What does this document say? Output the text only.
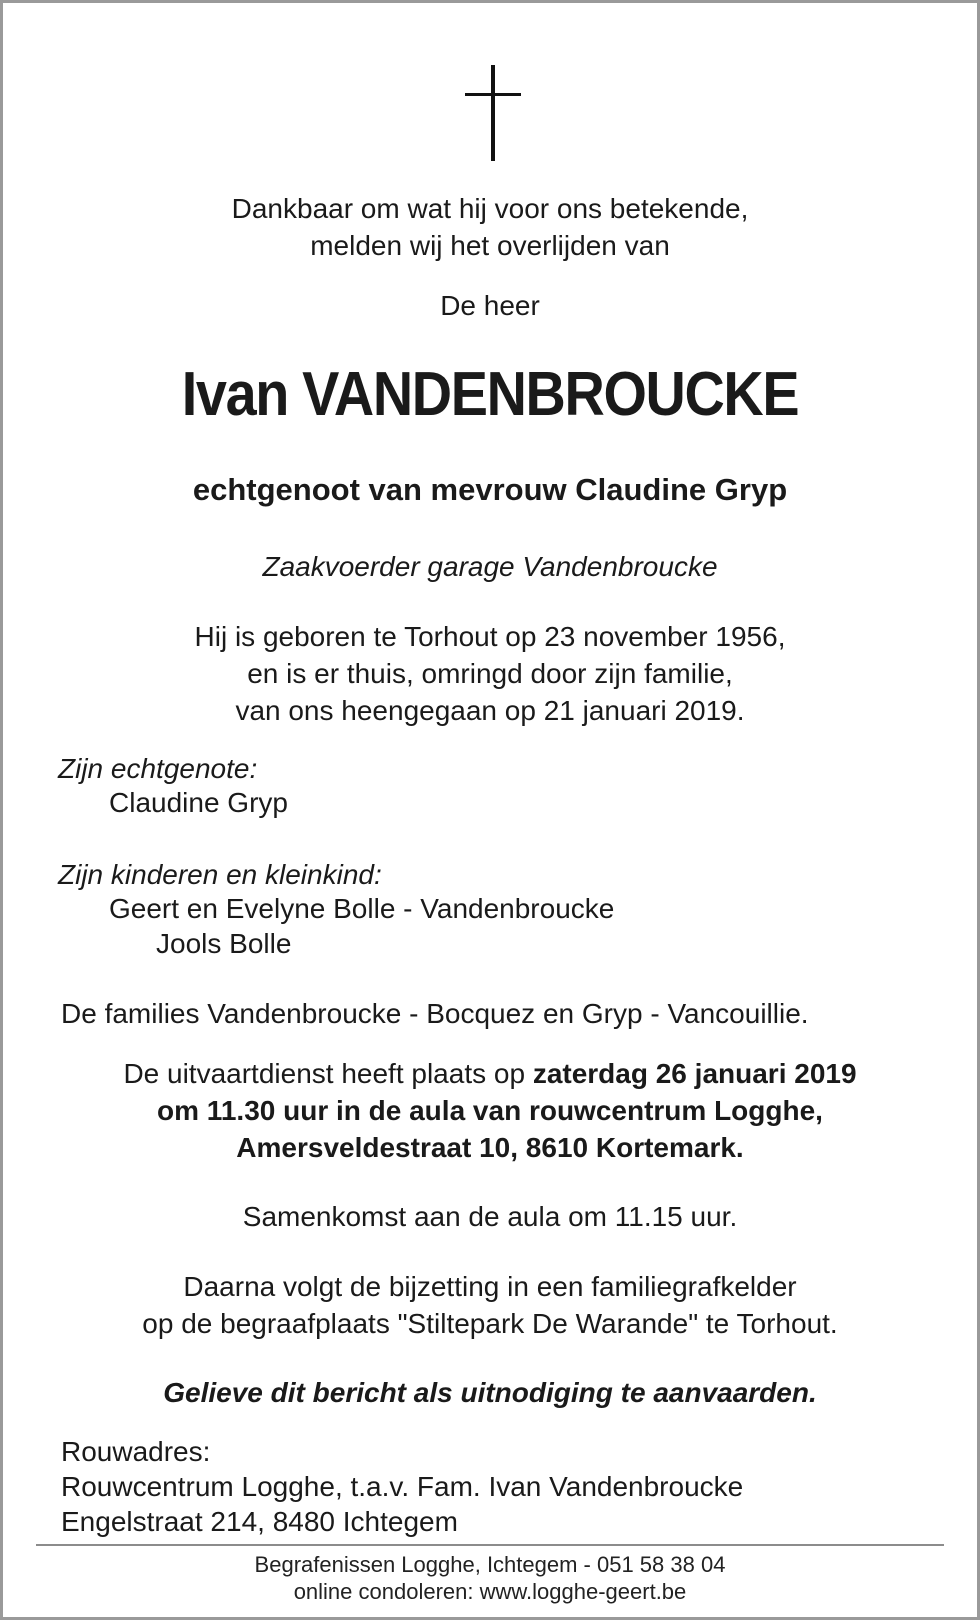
Dankbaar om wat hij voor ons betekende,
melden wij het overlijden van
De heer
Ivan VANDENBROUCKE
echtgenoot van mevrouw Claudine Gryp
Zaakvoerder garage Vandenbroucke
Hij is geboren te Torhout op 23 november 1956,
en is er thuis, omringd door zijn familie,
van ons heengegaan op 21 januari 2019.
Zijn echtgenote:
Claudine Gryp
Zijn kinderen en kleinkind:
Geert en Evelyne Bolle - Vandenbroucke
Jools Bolle
De families Vandenbroucke - Bocquez en Gryp - Vancouillie.
De uitvaartdienst heeft plaats op zaterdag 26 januari 2019
om 11.30 uur in de aula van rouwcentrum Logghe,
Amersveldestraat 10, 8610 Kortemark.
Samenkomst aan de aula om 11.15 uur.
Daarna volgt de bijzetting in een familiegrafkelder
op de begraafplaats "Stiltepark De Warande" te Torhout.
Gelieve dit bericht als uitnodiging te aanvaarden.
Rouwadres:
Rouwcentrum Logghe, t.a.v. Fam. Ivan Vandenbroucke
Engelstraat 214, 8480 Ichtegem
Begrafenissen Logghe, Ichtegem - 051 58 38 04
online condoleren: www.logghe-geert.be
